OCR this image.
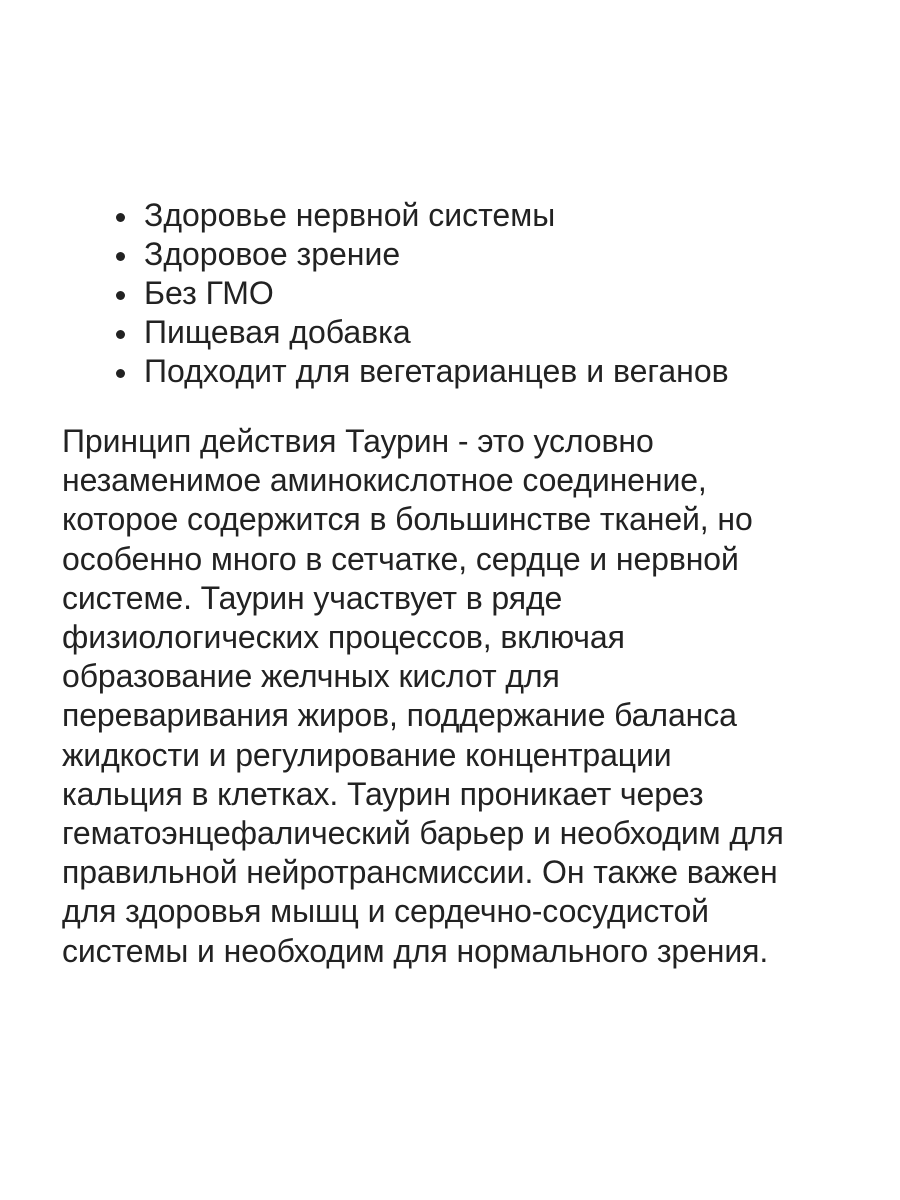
Здоровье нервной системы
Здоровое зрение
Без ГМО
Пищевая добавка
Подходит для вегетарианцев и веганов

Принцип действия Таурин - это условно
незаменимое аминокислотное соединение,
которое содержится в большинстве тканей, но
особенно много в сетчатке, сердце и нервной
системе. Таурин участвует в ряде
физиологических процессов, включая
образование желчных кислот для
переваривания жиров, поддержание баланса
жидкости и регулирование концентрации
кальция в клетках. Таурин проникает через
гематоэнцефалический барьер и необходим для
правильной нейротрансмиссии. Он также важен
для здоровья мышц и сердечно-сосудистой
системы и необходим для нормального зрения.
